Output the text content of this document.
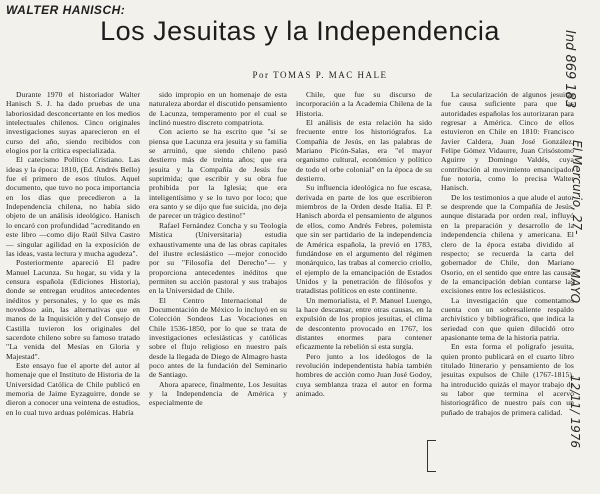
WALTER HANISCH:
Los Jesuitas y la Independencia
Por TOMAS P. MAC HALE

Durante 1970 el historiador Walter Hanisch S. J. ha dado pruebas de una laboriosidad desconcertante en los medios intelectuales chilenos. Cinco originales investigaciones suyas aparecieron en el curso del año, siendo recibidos con elogios por la crítica especializada.

El catecismo Político Cristiano. Las ideas y la época: 1810, (Ed. Andrés Bello) fue el primero de esos títulos. Aquel documento, que tuvo no poca importancia en los días que precedieron a la Independencia chilena, no había sido objeto de un análisis ideológico. Hanisch lo encaró con profundidad "acreditando en este libro —como dijo Raúl Silva Castro— singular agilidad en la exposición de las ideas, vasta lectura y mucha agudeza".

Posteriormente apareció El padre Manuel Lacunza. Su hogar, su vida y la censura española (Ediciones Historia), donde se entregan eruditos antecedentes inéditos y personales, y lo que es más novedoso aún, las alternativas que en manos de la Inquisición y del Consejo de Castilla tuvieron los originales del sacerdote chileno sobre su famoso tratado "La venida del Mesías en Gloria y Majestad".

Este ensayo fue el aporte del autor al homenaje que el Instituto de Historia de la Universidad Católica de Chile publicó en memoria de Jaime Eyzaguirre, donde se dieron a conocer una veintena de estudios, en lo cual tuvo arduas polémicas. Habría

sido impropio en un homenaje de esta naturaleza abordar el discutido pensamiento de Lacunza, temperamento por el cual se inclinó nuestro discreto compatriota.

Con acierto se ha escrito que "si se piensa que Lacunza era jesuita y su familia se arruinó, que siendo chileno pasó destierro más de treinta años; que era jesuita y la Compañía de Jesús fue suprimida; que escribir y su obra fue prohibida por la Iglesia; que era inteligentísimo y se lo tuvo por loco; que era santo y se dijo que fue suicida, ¡no deja de parecer un trágico destino!"

Rafael Fernández Concha y su Teología Mística (Universitaria) estudia exhaustivamente una de las obras capitales del ilustre eclesiástico —mejor conocido por su "Filosofía del Derecho"— y proporciona antecedentes inéditos que permiten su acción pastoral y sus trabajos en la Universidad de Chile.

El Centro Internacional de Documentación de México lo incluyó en su Colección Sondeos Las Vocaciones en Chile 1536-1850, por lo que se trata de investigaciones eclesiásticas y católicas sobre el flujo religioso en nuestro país desde la llegada de Diego de Almagro hasta poco antes de la fundación del Seminario de Santiago.

Ahora aparece, finalmente, Los Jesuitas y la Independencia de América y especialmente de

Chile, que fue su discurso de incorporación a la Academia Chilena de la Historia.

El análisis de esta relación ha sido frecuente entre los historiógrafos. La Compañía de Jesús, en las palabras de Mariano Picón-Salas, era "el mayor organismo cultural, económico y político de todo el orbe colonial" en la época de su destierro.

Su influencia ideológica no fue escasa, derivada en parte de los que escribieron miembros de la Orden desde Italia. El P. Hanisch aborda el pensamiento de algunos de ellos, como Andrés Febres, polemista que sin ser partidario de la independencia de América española, la previó en 1783, fundándose en el argumento del régimen monárquico, las trabas al comercio criollo, el ejemplo de la emancipación de Estados Unidos y la penetración de filósofos y tratadistas políticos en este continente.

Un memorialista, el P. Manuel Luengo, la hace descansar, entre otras causas, en la expulsión de los propios jesuitas, el clima de descontento provocado en 1767, los distantes enormes para contener eficazmente la rebelión si esta surgía.

Pero junto a los ideólogos de la revolución independentista había también hombres de acción como Juan José Godoy, cuya semblanza traza el autor en forma animado.

La secularización de algunos jesuitas fue causa suficiente para que las autoridades españolas los autorizaran para regresar a América. Cinco de ellos estuvieron en Chile en 1810: Francisco Javier Caldera, Juan José González, Felipe Gómez Vidaurre, Juan Crisóstomo Aguirre y Domingo Valdés, cuya contribución al movimiento emancipador fue notoria, como lo precisa Walter Hanisch.

De los testimonios a que alude el autor se desprende que la Compañía de Jesús, aunque distarada por orden real, influyó en la preparación y desarrollo de la independencia chilena y americana. El clero de la época estaba dividido al respecto; se recuerda la carta del gobernador de Chile, don Mariano Osorio, en el sentido que entre las causas de la emancipación debían contarse las excisiones entre los eclesiásticos.

La investigación que comentamos cuenta con un sobresaliente respaldo archivístico y bibliográfico, que indica la seriedad con que quien dilucidó otro apasionante tema de la historia patria.

En esta forma el poligrafo jesuita, quien pronto publicará en el cuarto libro titulado Itinerario y pensamiento de los jesuitas expulsos de Chile (1767-1815), ha introducido quizás el mayor trabajo de su labor que termina el acervo historiográfico de nuestro país con un puñado de trabajos de primera calidad.

Ind 869 183
El Mercurio, 27-
MAYO
12/11/ 1976
